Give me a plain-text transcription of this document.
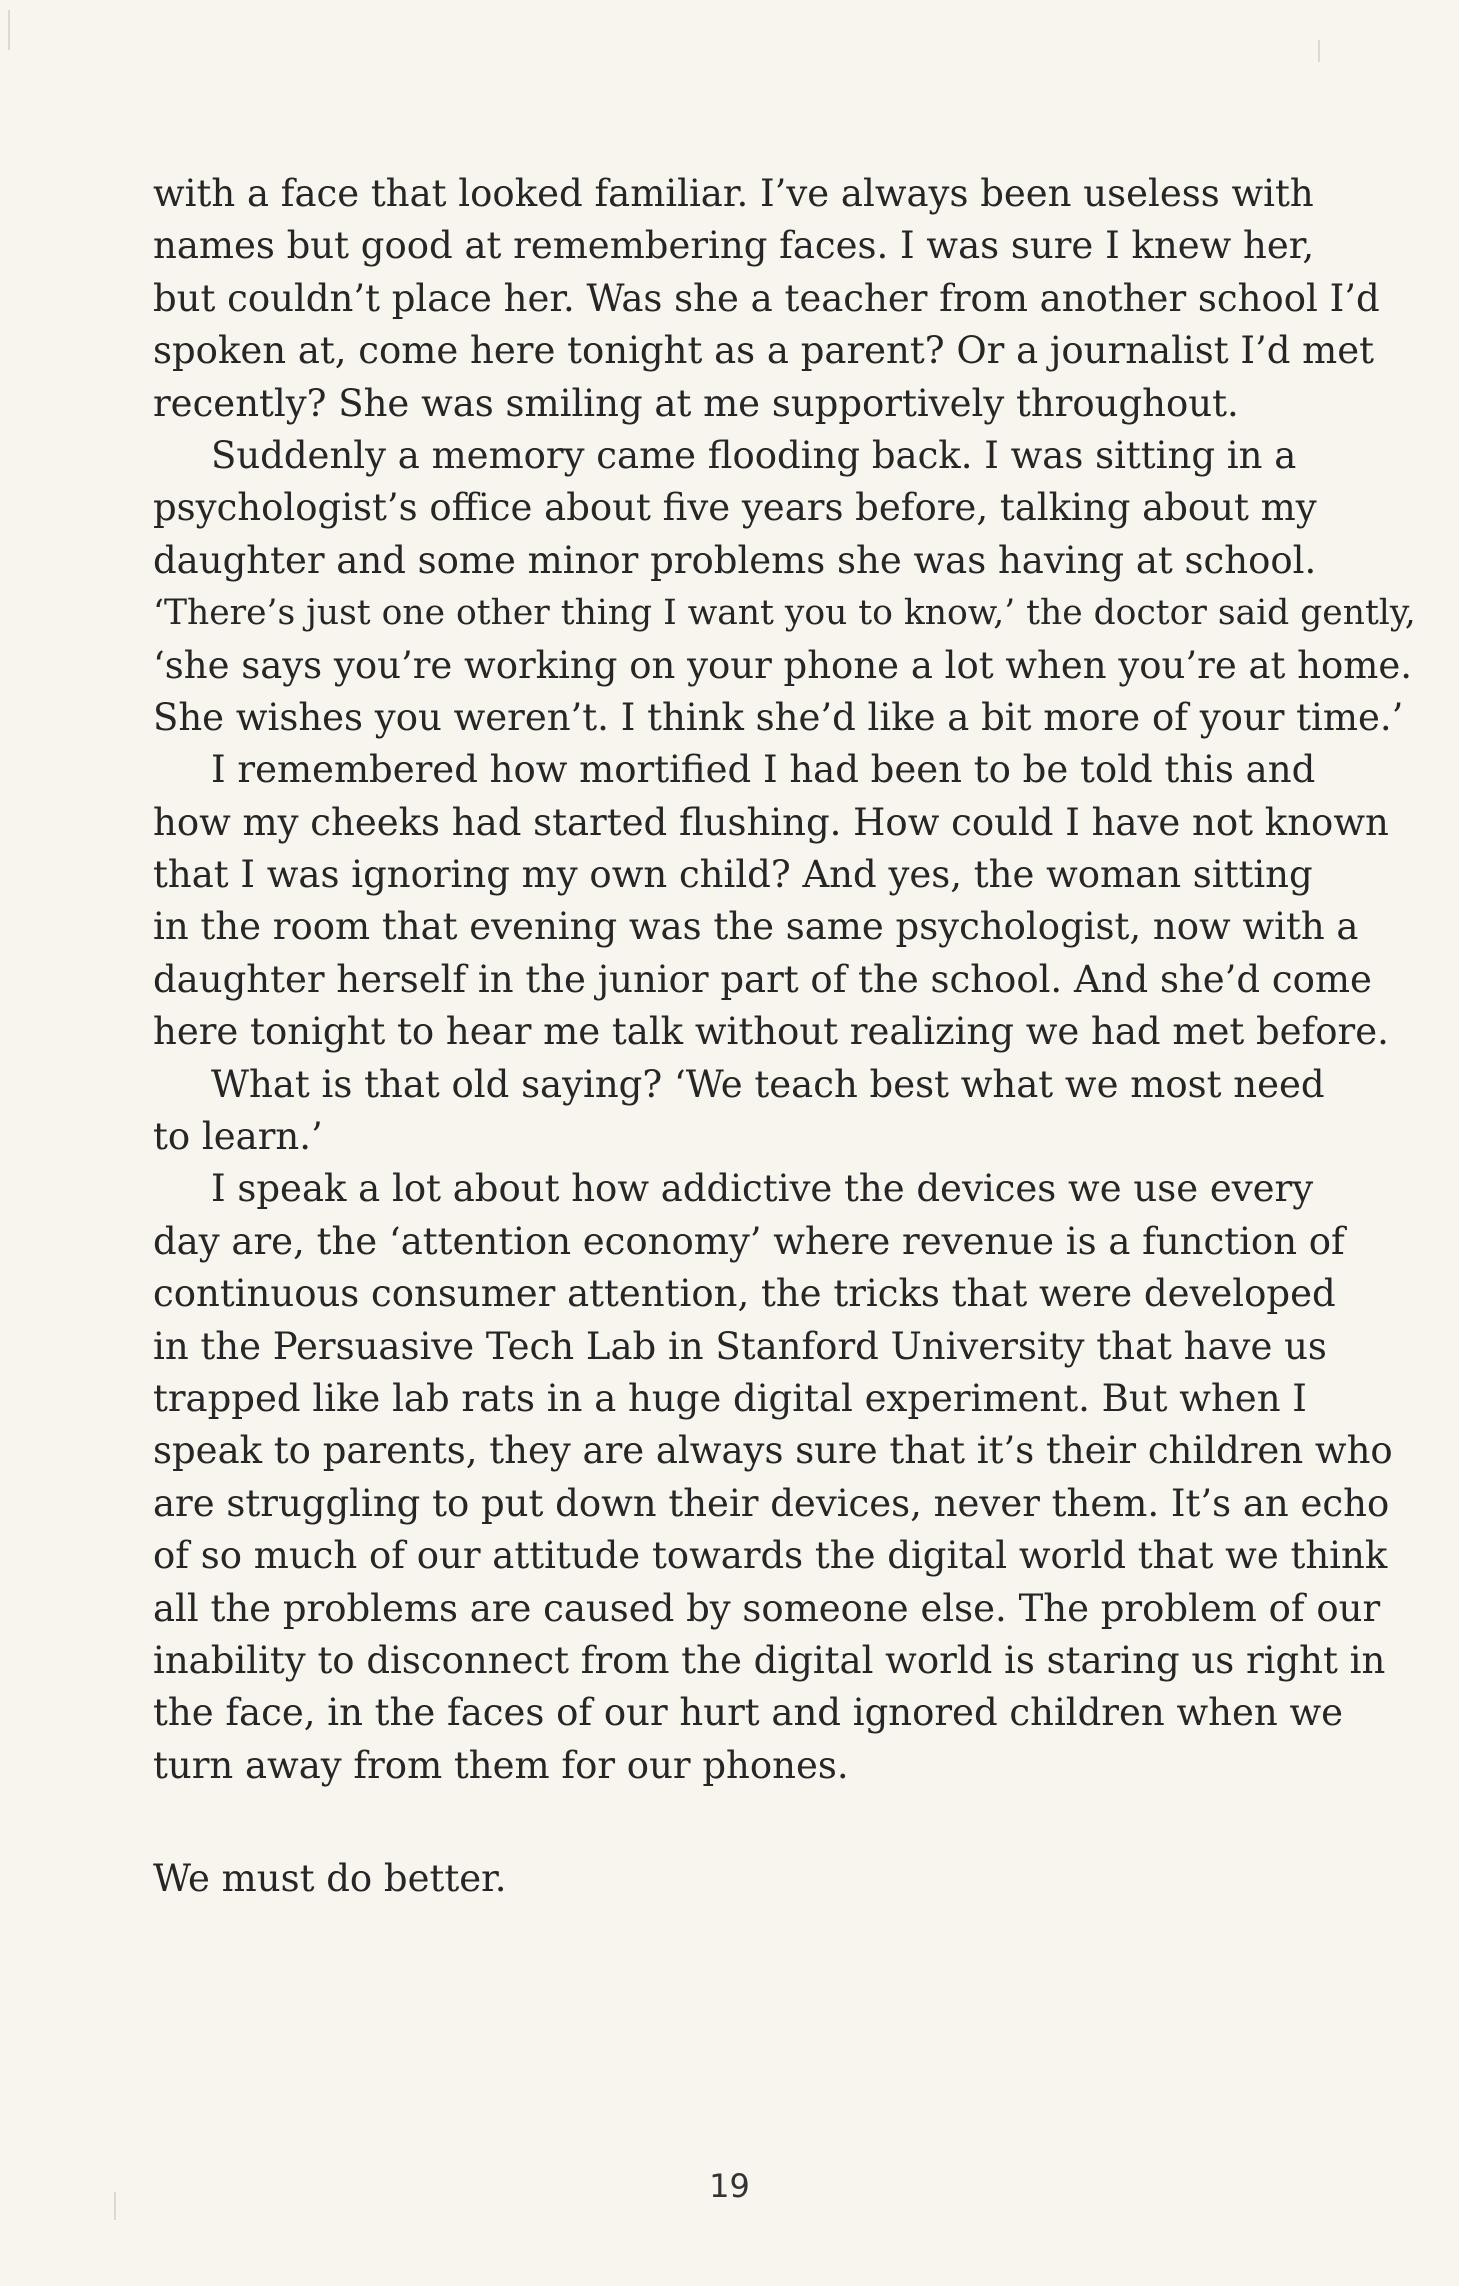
with a face that looked familiar. I’ve always been useless with
names but good at remembering faces. I was sure I knew her,
but couldn’t place her. Was she a teacher from another school I’d
spoken at, come here tonight as a parent? Or a journalist I’d met
recently? She was smiling at me supportively throughout.
Suddenly a memory came flooding back. I was sitting in a
psychologist’s office about five years before, talking about my
daughter and some minor problems she was having at school.
‘There’s just one other thing I want you to know,’ the doctor said gently,
‘she says you’re working on your phone a lot when you’re at home.
She wishes you weren’t. I think she’d like a bit more of your time.’
I remembered how mortified I had been to be told this and
how my cheeks had started flushing. How could I have not known
that I was ignoring my own child? And yes, the woman sitting
in the room that evening was the same psychologist, now with a
daughter herself in the junior part of the school. And she’d come
here tonight to hear me talk without realizing we had met before.
What is that old saying? ‘We teach best what we most need
to learn.’
I speak a lot about how addictive the devices we use every
day are, the ‘attention economy’ where revenue is a function of
continuous consumer attention, the tricks that were developed
in the Persuasive Tech Lab in Stanford University that have us
trapped like lab rats in a huge digital experiment. But when I
speak to parents, they are always sure that it’s their children who
are struggling to put down their devices, never them. It’s an echo
of so much of our attitude towards the digital world that we think
all the problems are caused by someone else. The problem of our
inability to disconnect from the digital world is staring us right in
the face, in the faces of our hurt and ignored children when we
turn away from them for our phones.
We must do better.
19
